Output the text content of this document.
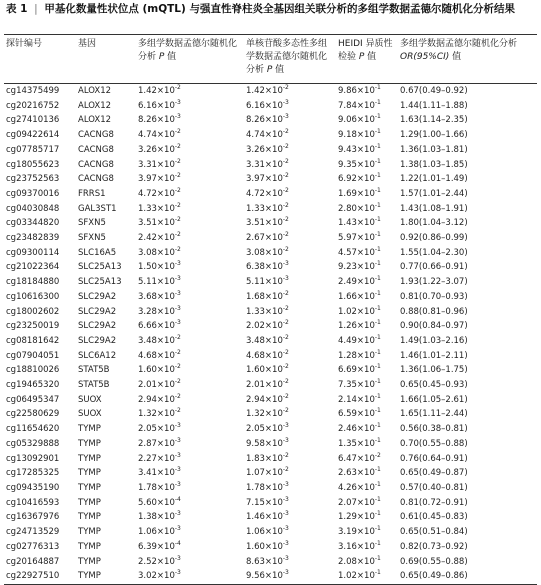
表 1 | 甲基化数量性状位点 (mQTL) 与强直性脊柱炎全基因组关联分析的多组学数据孟德尔随机化分析结果
探针编号	基因	多组学数据孟德尔随机化分析 P 值	单核苷酸多态性多组学数据孟德尔随机化分析 P 值	HEIDI 异质性检验 P 值	多组学数据孟德尔随机化分析 OR(95%CI) 值
cg14375499	ALOX12	$1.42\times 10^{-2}$	$1.42\times 10^{-2}$	$9.86\times 10^{-1}$	0.67(0.49–0.92)
cg20216752	ALOX12	$6.16\times 10^{-3}$	$6.16\times 10^{-3}$	$7.84\times 10^{-1}$	1.44(1.11–1.88)
cg27410136	ALOX12	$8.26\times 10^{-3}$	$8.26\times 10^{-3}$	$9.06\times 10^{-1}$	1.63(1.14–2.35)
cg09422614	CACNG8	$4.74\times 10^{-2}$	$4.74\times 10^{-2}$	$9.18\times 10^{-1}$	1.29(1.00–1.66)
cg07785717	CACNG8	$3.26\times 10^{-2}$	$3.26\times 10^{-2}$	$9.43\times 10^{-1}$	1.36(1.03–1.81)
cg18055623	CACNG8	$3.31\times 10^{-2}$	$3.31\times 10^{-2}$	$9.35\times 10^{-1}$	1.38(1.03–1.85)
cg23752563	CACNG8	$3.97\times 10^{-2}$	$3.97\times 10^{-2}$	$6.92\times 10^{-1}$	1.22(1.01–1.49)
cg09370016	FRRS1	$4.72\times 10^{-2}$	$4.72\times 10^{-2}$	$1.69\times 10^{-1}$	1.57(1.01–2.44)
cg04030848	GAL3ST1	$1.33\times 10^{-2}$	$1.33\times 10^{-2}$	$2.80\times 10^{-1}$	1.43(1.08–1.91)
cg03344820	SFXN5	$3.51\times 10^{-2}$	$3.51\times 10^{-2}$	$1.43\times 10^{-1}$	1.80(1.04–3.12)
cg23482839	SFXN5	$2.42\times 10^{-2}$	$2.67\times 10^{-2}$	$5.97\times 10^{-1}$	0.92(0.86–0.99)
cg09300114	SLC16A5	$3.08\times 10^{-2}$	$3.08\times 10^{-2}$	$4.57\times 10^{-1}$	1.55(1.04–2.30)
cg21022364	SLC25A13	$1.50\times 10^{-3}$	$6.38\times 10^{-3}$	$9.23\times 10^{-1}$	0.77(0.66–0.91)
cg18184880	SLC25A13	$5.11\times 10^{-3}$	$5.11\times 10^{-3}$	$2.49\times 10^{-1}$	1.93(1.22–3.07)
cg10616300	SLC29A2	$3.68\times 10^{-3}$	$1.68\times 10^{-2}$	$1.66\times 10^{-1}$	0.81(0.70–0.93)
cg18002602	SLC29A2	$3.28\times 10^{-3}$	$1.33\times 10^{-2}$	$1.02\times 10^{-1}$	0.88(0.81–0.96)
cg23250019	SLC29A2	$6.66\times 10^{-3}$	$2.02\times 10^{-2}$	$1.26\times 10^{-1}$	0.90(0.84–0.97)
cg08181642	SLC29A2	$3.48\times 10^{-2}$	$3.48\times 10^{-2}$	$4.49\times 10^{-1}$	1.49(1.03–2.16)
cg07904051	SLC6A12	$4.68\times 10^{-2}$	$4.68\times 10^{-2}$	$1.28\times 10^{-1}$	1.46(1.01–2.11)
cg18810026	STAT5B	$1.60\times 10^{-2}$	$1.60\times 10^{-2}$	$6.69\times 10^{-1}$	1.36(1.06–1.75)
cg19465320	STAT5B	$2.01\times 10^{-2}$	$2.01\times 10^{-2}$	$7.35\times 10^{-1}$	0.65(0.45–0.93)
cg06495347	SUOX	$2.94\times 10^{-2}$	$2.94\times 10^{-2}$	$2.14\times 10^{-1}$	1.66(1.05–2.61)
cg22580629	SUOX	$1.32\times 10^{-2}$	$1.32\times 10^{-2}$	$6.59\times 10^{-1}$	1.65(1.11–2.44)
cg11654620	TYMP	$2.05\times 10^{-3}$	$2.05\times 10^{-3}$	$2.46\times 10^{-1}$	0.56(0.38–0.81)
cg05329888	TYMP	$2.87\times 10^{-3}$	$9.58\times 10^{-3}$	$1.35\times 10^{-1}$	0.70(0.55–0.88)
cg13092901	TYMP	$2.27\times 10^{-3}$	$1.83\times 10^{-2}$	$6.47\times 10^{-2}$	0.76(0.64–0.91)
cg17285325	TYMP	$3.41\times 10^{-3}$	$1.07\times 10^{-2}$	$2.63\times 10^{-1}$	0.65(0.49–0.87)
cg09435190	TYMP	$1.78\times 10^{-3}$	$1.78\times 10^{-3}$	$4.26\times 10^{-1}$	0.57(0.40–0.81)
cg10416593	TYMP	$5.60\times 10^{-4}$	$7.15\times 10^{-3}$	$2.07\times 10^{-1}$	0.81(0.72–0.91)
cg16367976	TYMP	$1.38\times 10^{-3}$	$1.46\times 10^{-3}$	$1.29\times 10^{-1}$	0.61(0.45–0.83)
cg24713529	TYMP	$1.06\times 10^{-3}$	$1.06\times 10^{-3}$	$3.19\times 10^{-1}$	0.65(0.51–0.84)
cg02776313	TYMP	$6.39\times 10^{-4}$	$1.60\times 10^{-3}$	$3.16\times 10^{-1}$	0.82(0.73–0.92)
cg20164887	TYMP	$2.52\times 10^{-3}$	$8.63\times 10^{-3}$	$2.08\times 10^{-1}$	0.69(0.55–0.88)
cg22927510	TYMP	$3.02\times 10^{-3}$	$9.56\times 10^{-3}$	$1.02\times 10^{-1}$	0.65(0.49–0.86)
